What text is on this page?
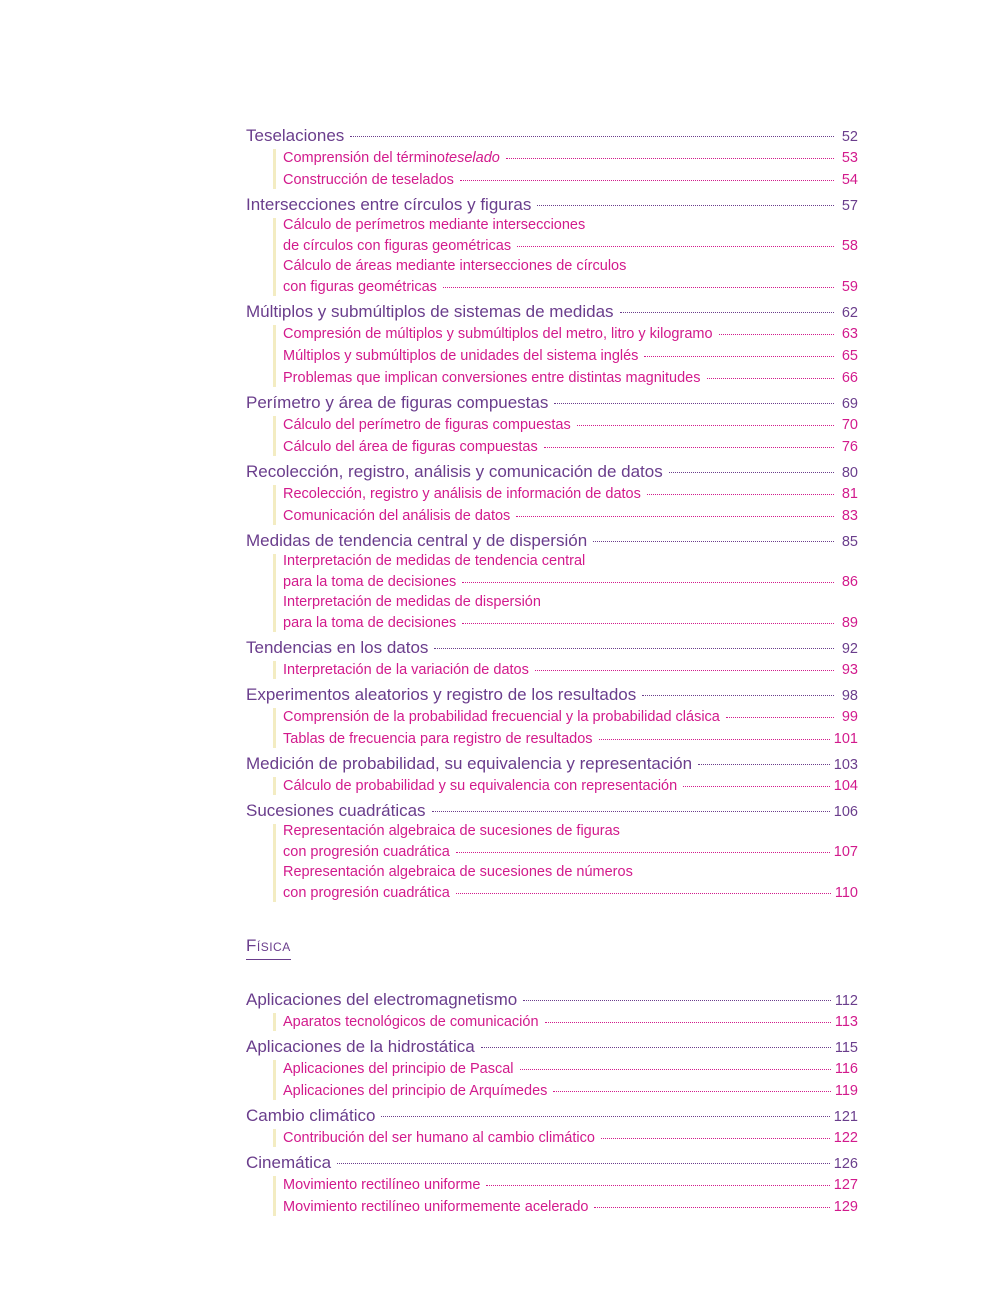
Teselaciones	52
Comprensión del término teselado	53
Construcción de teselados	54
Intersecciones entre círculos y figuras	57
Cálculo de perímetros mediante intersecciones
de círculos con figuras geométricas	58
Cálculo de áreas mediante intersecciones de círculos
con figuras geométricas	59
Múltiplos y submúltiplos de sistemas de medidas	62
Compresión de múltiplos y submúltiplos del metro, litro y kilogramo	63
Múltiplos y submúltiplos de unidades del sistema inglés	65
Problemas que implican conversiones entre distintas magnitudes	66
Perímetro y área de figuras compuestas	69
Cálculo del perímetro de figuras compuestas	70
Cálculo del área de figuras compuestas	76
Recolección, registro, análisis y comunicación de datos	80
Recolección, registro y análisis de información de datos	81
Comunicación del análisis de datos	83
Medidas de tendencia central y de dispersión	85
Interpretación de medidas de tendencia central
para la toma de decisiones	86
Interpretación de medidas de dispersión
para la toma de decisiones	89
Tendencias en los datos	92
Interpretación de la variación de datos	93
Experimentos aleatorios y registro de los resultados	98
Comprensión de la probabilidad frecuencial y la probabilidad clásica	99
Tablas de frecuencia para registro de resultados	101
Medición de probabilidad, su equivalencia y representación	103
Cálculo de probabilidad y su equivalencia con representación	104
Sucesiones cuadráticas	106
Representación algebraica de sucesiones de figuras
con progresión cuadrática	107
Representación algebraica de sucesiones de números
con progresión cuadrática	110
Física
Aplicaciones del electromagnetismo	112
Aparatos tecnológicos de comunicación	113
Aplicaciones de la hidrostática	115
Aplicaciones del principio de Pascal	116
Aplicaciones del principio de Arquímedes	119
Cambio climático	121
Contribución del ser humano al cambio climático	122
Cinemática	126
Movimiento rectilíneo uniforme	127
Movimiento rectilíneo uniformemente acelerado	129
